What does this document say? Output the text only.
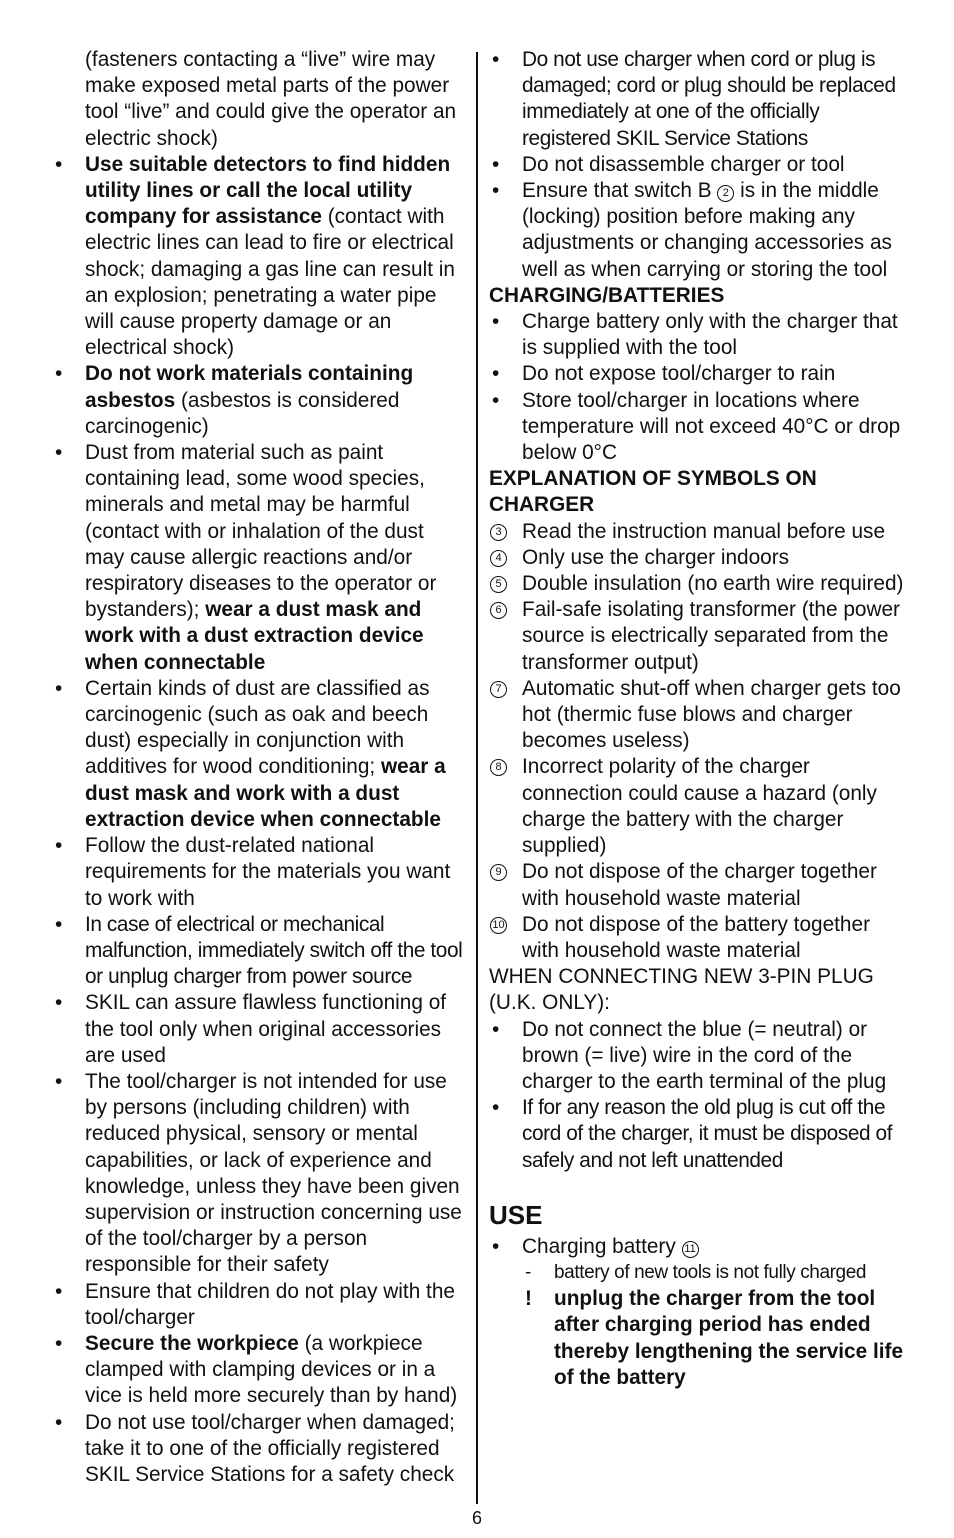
(fasteners contacting a “live” wire may make exposed metal parts of the power tool “live” and could give the operator an electric shock)
• Use suitable detectors to find hidden utility lines or call the local utility company for assistance (contact with electric lines can lead to fire or electrical shock; damaging a gas line can result in an explosion; penetrating a water pipe will cause property damage or an electrical shock)
• Do not work materials containing asbestos (asbestos is considered carcinogenic)
• Dust from material such as paint containing lead, some wood species, minerals and metal may be harmful (contact with or inhalation of the dust may cause allergic reactions and/or respiratory diseases to the operator or bystanders); wear a dust mask and work with a dust extraction device when connectable
• Certain kinds of dust are classified as carcinogenic (such as oak and beech dust) especially in conjunction with additives for wood conditioning; wear a dust mask and work with a dust extraction device when connectable
• Follow the dust-related national requirements for the materials you want to work with
• In case of electrical or mechanical malfunction, immediately switch off the tool or unplug charger from power source
• SKIL can assure flawless functioning of the tool only when original accessories are used
• The tool/charger is not intended for use by persons (including children) with reduced physical, sensory or mental capabilities, or lack of experience and knowledge, unless they have been given supervision or instruction concerning use of the tool/charger by a person responsible for their safety
• Ensure that children do not play with the tool/charger
• Secure the workpiece (a workpiece clamped with clamping devices or in a vice is held more securely than by hand)
• Do not use tool/charger when damaged; take it to one of the officially registered SKIL Service Stations for a safety check
• Do not use charger when cord or plug is damaged; cord or plug should be replaced immediately at one of the officially registered SKIL Service Stations
• Do not disassemble charger or tool
• Ensure that switch B 2 is in the middle (locking) position before making any adjustments or changing accessories as well as when carrying or storing the tool
CHARGING/BATTERIES
• Charge battery only with the charger that is supplied with the tool
• Do not expose tool/charger to rain
• Store tool/charger in locations where temperature will not exceed 40°C or drop below 0°C
EXPLANATION OF SYMBOLS ON CHARGER
3 Read the instruction manual before use
4 Only use the charger indoors
5 Double insulation (no earth wire required)
6 Fail-safe isolating transformer (the power source is electrically separated from the transformer output)
7 Automatic shut-off when charger gets too hot (thermic fuse blows and charger becomes useless)
8 Incorrect polarity of the charger connection could cause a hazard (only charge the battery with the charger supplied)
9 Do not dispose of the charger together with household waste material
10 Do not dispose of the battery together with household waste material
WHEN CONNECTING NEW 3-PIN PLUG (U.K. ONLY):
• Do not connect the blue (= neutral) or brown (= live) wire in the cord of the charger to the earth terminal of the plug
• If for any reason the old plug is cut off the cord of the charger, it must be disposed of safely and not left unattended
USE
• Charging battery 11
- battery of new tools is not fully charged
! unplug the charger from the tool after charging period has ended thereby lengthening the service life of the battery
6
